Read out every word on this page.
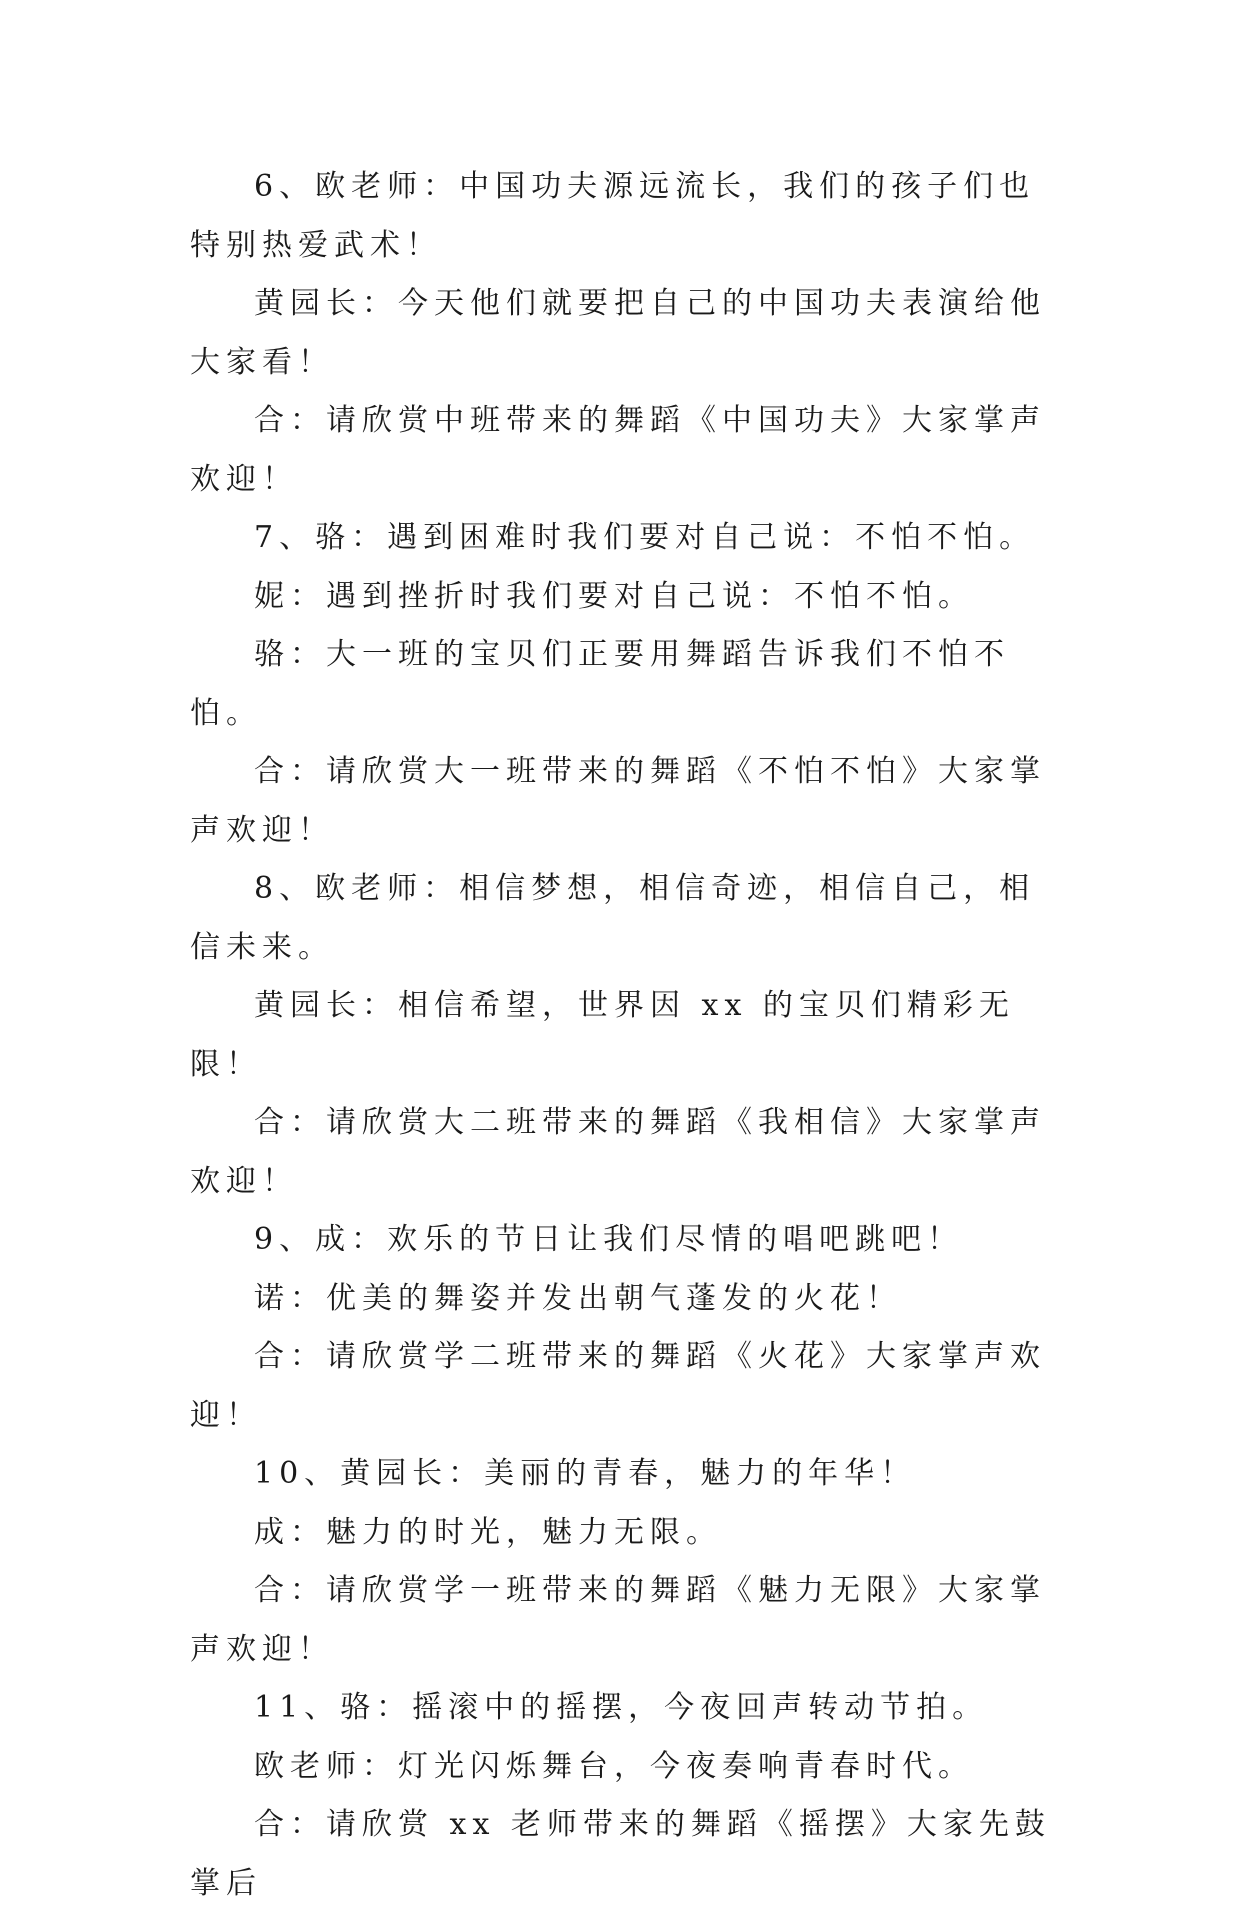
6、欧老师：中国功夫源远流长，我们的孩子们也特别热爱武术！

黄园长：今天他们就要把自己的中国功夫表演给他大家看！

合：请欣赏中班带来的舞蹈《中国功夫》大家掌声欢迎！

7、骆：遇到困难时我们要对自己说：不怕不怕。

妮：遇到挫折时我们要对自己说：不怕不怕。

骆：大一班的宝贝们正要用舞蹈告诉我们不怕不怕。

合：请欣赏大一班带来的舞蹈《不怕不怕》大家掌声欢迎！

8、欧老师：相信梦想，相信奇迹，相信自己，相信未来。

黄园长：相信希望，世界因 xx 的宝贝们精彩无限！

合：请欣赏大二班带来的舞蹈《我相信》大家掌声欢迎！

9、成：欢乐的节日让我们尽情的唱吧跳吧！

诺：优美的舞姿并发出朝气蓬发的火花！

合：请欣赏学二班带来的舞蹈《火花》大家掌声欢迎！

10、黄园长：美丽的青春，魅力的年华！

成：魅力的时光，魅力无限。

合：请欣赏学一班带来的舞蹈《魅力无限》大家掌声欢迎！

11、骆：摇滚中的摇摆，今夜回声转动节拍。

欧老师：灯光闪烁舞台，今夜奏响青春时代。

合：请欣赏 xx 老师带来的舞蹈《摇摆》大家先鼓掌后
